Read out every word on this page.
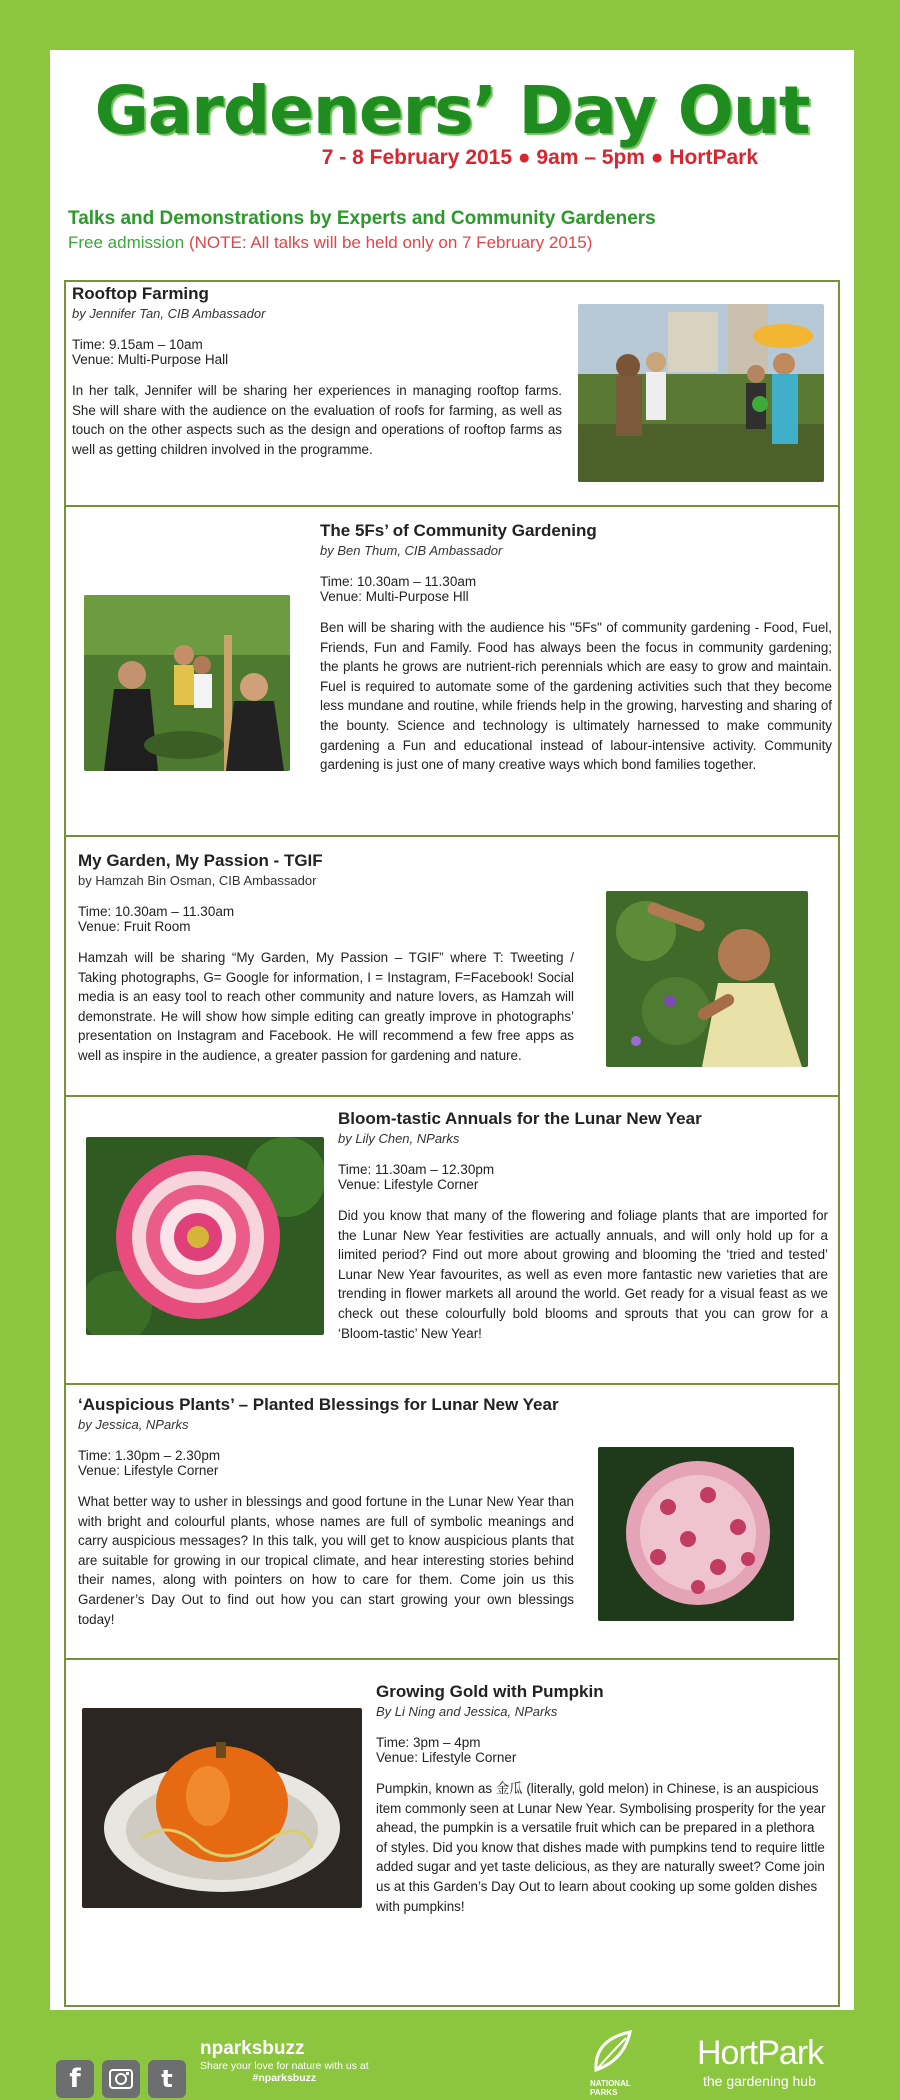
Gardeners’ Day Out
7 - 8 February 2015 ● 9am – 5pm ● HortPark
Talks and Demonstrations by Experts and Community Gardeners
Free admission (NOTE: All talks will be held only on 7 February 2015)

Rooftop Farming

by Jennifer Tan, CIB Ambassador

Time: 9.15am – 10am

Venue: Multi-Purpose Hall

In her talk, Jennifer will be sharing her experiences in managing rooftop farms. She will share with the audience on the evaluation of roofs for farming, as well as touch on the other aspects such as the design and operations of rooftop farms as well as getting children involved in the programme.

The 5Fs’ of Community Gardening

by Ben Thum, CIB Ambassador

Time: 10.30am – 11.30am

Venue: Multi-Purpose Hll

Ben will be sharing with the audience his "5Fs" of community gardening - Food, Fuel, Friends, Fun and Family. Food has always been the focus in community gardening; the plants he grows are nutrient-rich perennials which are easy to grow and maintain. Fuel is required to automate some of the gardening activities such that they become less mundane and routine, while friends help in the growing, harvesting and sharing of the bounty. Science and technology is ultimately harnessed to make community gardening a Fun and educational instead of labour-intensive activity. Community gardening is just one of many creative ways which bond families together.

My Garden, My Passion - TGIF

by Hamzah Bin Osman, CIB Ambassador

Time: 10.30am – 11.30am

Venue: Fruit Room

Hamzah will be sharing “My Garden, My Passion – TGIF” where T: Tweeting / Taking photographs, G= Google for information, I = Instagram, F=Facebook! Social media is an easy tool to reach other community and nature lovers, as Hamzah will demonstrate. He will show how simple editing can greatly improve in photographs’ presentation on Instagram and Facebook. He will recommend a few free apps as well as inspire in the audience, a greater passion for gardening and nature.

Bloom-tastic Annuals for the Lunar New Year

by Lily Chen, NParks

Time: 11.30am – 12.30pm

Venue: Lifestyle Corner

Did you know that many of the flowering and foliage plants that are imported for the Lunar New Year festivities are actually annuals, and will only hold up for a limited period? Find out more about growing and blooming the ‘tried and tested’ Lunar New Year favourites, as well as even more fantastic new varieties that are trending in flower markets all around the world. Get ready for a visual feast as we check out these colourfully bold blooms and sprouts that you can grow for a ‘Bloom-tastic’ New Year!

‘Auspicious Plants’ – Planted Blessings for Lunar New Year

by Jessica, NParks

Time: 1.30pm – 2.30pm

Venue: Lifestyle Corner

What better way to usher in blessings and good fortune in the Lunar New Year than with bright and colourful plants, whose names are full of symbolic meanings and carry auspicious messages? In this talk, you will get to know auspicious plants that are suitable for growing in our tropical climate, and hear interesting stories behind their names, along with pointers on how to care for them. Come join us this Gardener’s Day Out to find out how you can start growing your own blessings today!

Growing Gold with Pumpkin

By Li Ning and Jessica, NParks

Time: 3pm – 4pm

Venue: Lifestyle Corner

Pumpkin, known as 金瓜 (literally, gold melon) in Chinese, is an auspicious item commonly seen at Lunar New Year. Symbolising prosperity for the year ahead, the pumpkin is a versatile fruit which can be prepared in a plethora of styles. Did you know that dishes made with pumpkins tend to require little added sugar and yet taste delicious, as they are naturally sweet? Come join us at this Garden’s Day Out to learn about cooking up some golden dishes with pumpkins!

f	t
nparksbuzz
Share your love for nature with us at
#nparksbuzz	NATIONAL PARKS
HortPark
the gardening hub
